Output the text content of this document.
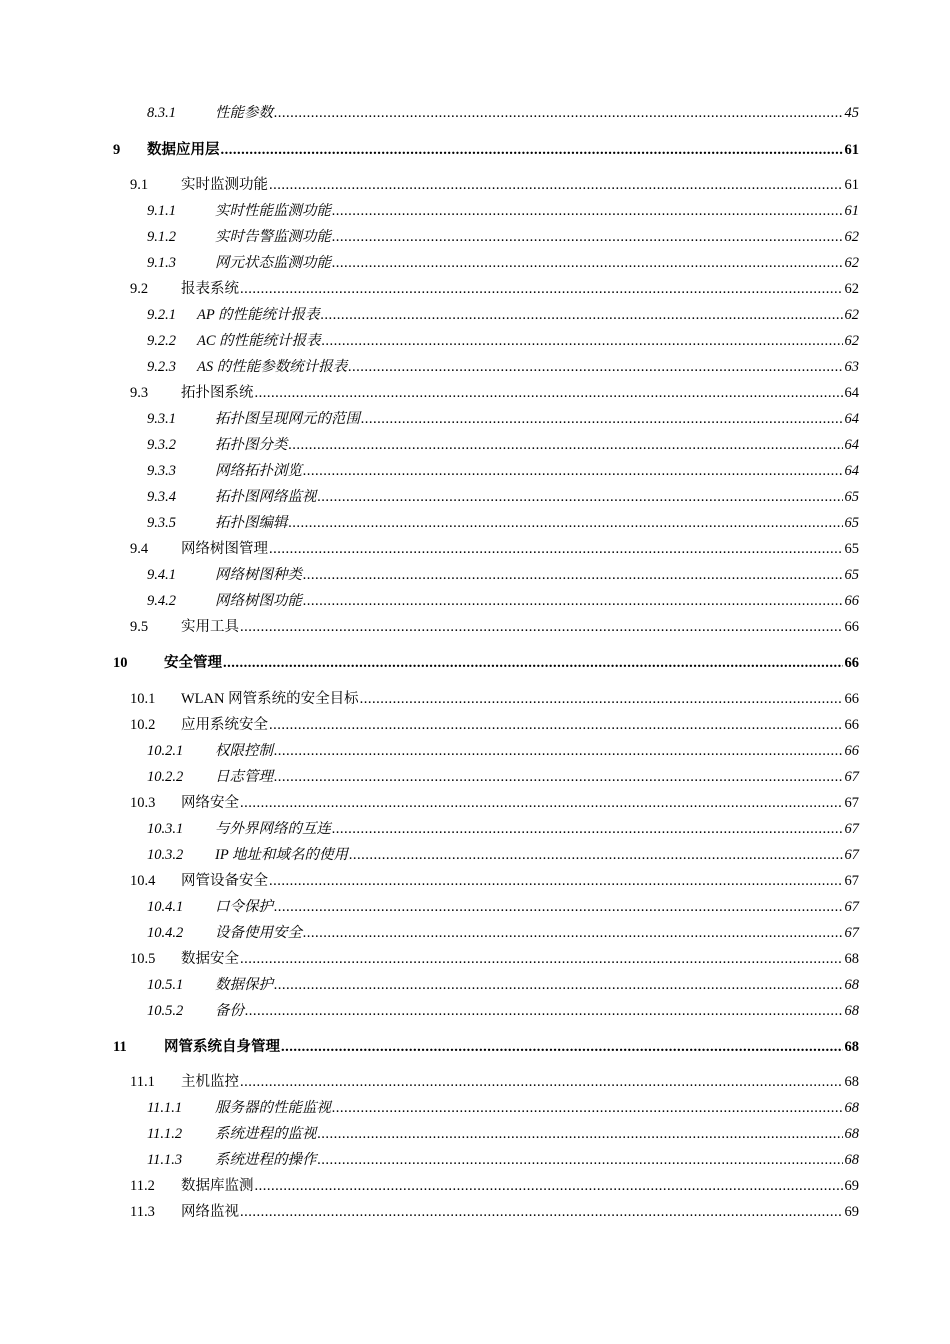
8.3.1	性能参数 .....	45
9	数据应用层 .....	61
9.1	实时监测功能 .....	61
9.1.1	实时性能监测功能 .....	61
9.1.2	实时告警监测功能 .....	62
9.1.3	网元状态监测功能 .....	62
9.2	报表系统 .....	62
9.2.1	AP 的性能统计报表 .....	62
9.2.2	AC 的性能统计报表 .....	62
9.2.3	AS 的性能参数统计报表 .....	63
9.3	拓扑图系统 .....	64
9.3.1	拓扑图呈现网元的范围 .....	64
9.3.2	拓扑图分类 .....	64
9.3.3	网络拓扑浏览 .....	64
9.3.4	拓扑图网络监视 .....	65
9.3.5	拓扑图编辑 .....	65
9.4	网络树图管理 .....	65
9.4.1	网络树图种类 .....	65
9.4.2	网络树图功能 .....	66
9.5	实用工具 .....	66
10	安全管理 .....	66
10.1	WLAN 网管系统的安全目标 .....	66
10.2	应用系统安全 .....	66
10.2.1	权限控制 .....	66
10.2.2	日志管理 .....	67
10.3	网络安全 .....	67
10.3.1	与外界网络的互连 .....	67
10.3.2	IP 地址和域名的使用 .....	67
10.4	网管设备安全 .....	67
10.4.1	口令保护 .....	67
10.4.2	设备使用安全 .....	67
10.5	数据安全 .....	68
10.5.1	数据保护 .....	68
10.5.2	备份 .....	68
11	网管系统自身管理 .....	68
11.1	主机监控 .....	68
11.1.1	服务器的性能监视 .....	68
11.1.2	系统进程的监视 .....	68
11.1.3	系统进程的操作 .....	68
11.2	数据库监测 .....	69
11.3	网络监视 .....	69
